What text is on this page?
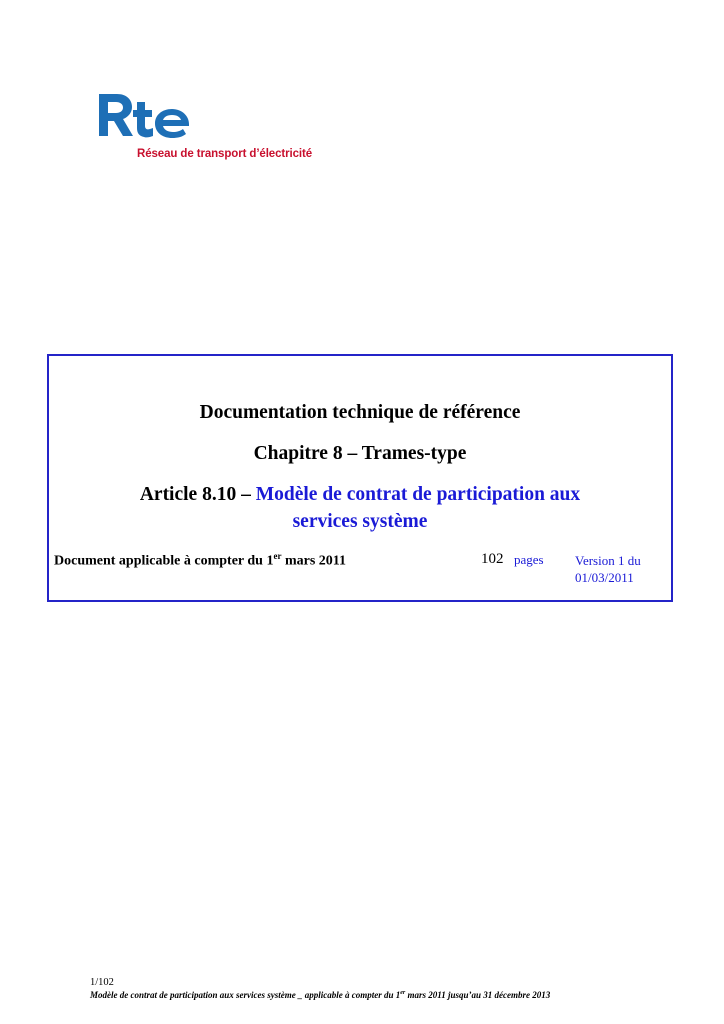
Réseau de transport d’électricité
Documentation technique de référence
Chapitre 8 – Trames-type
Article 8.10 – Modèle de contrat de participation aux
services système
Document applicable à compter du 1er mars 2011	102 pages Version 1 du
01/03/2011
1/102
Modèle de contrat de participation aux services système _ applicable à compter du 1er mars 2011 jusqu’au 31 décembre 2013
